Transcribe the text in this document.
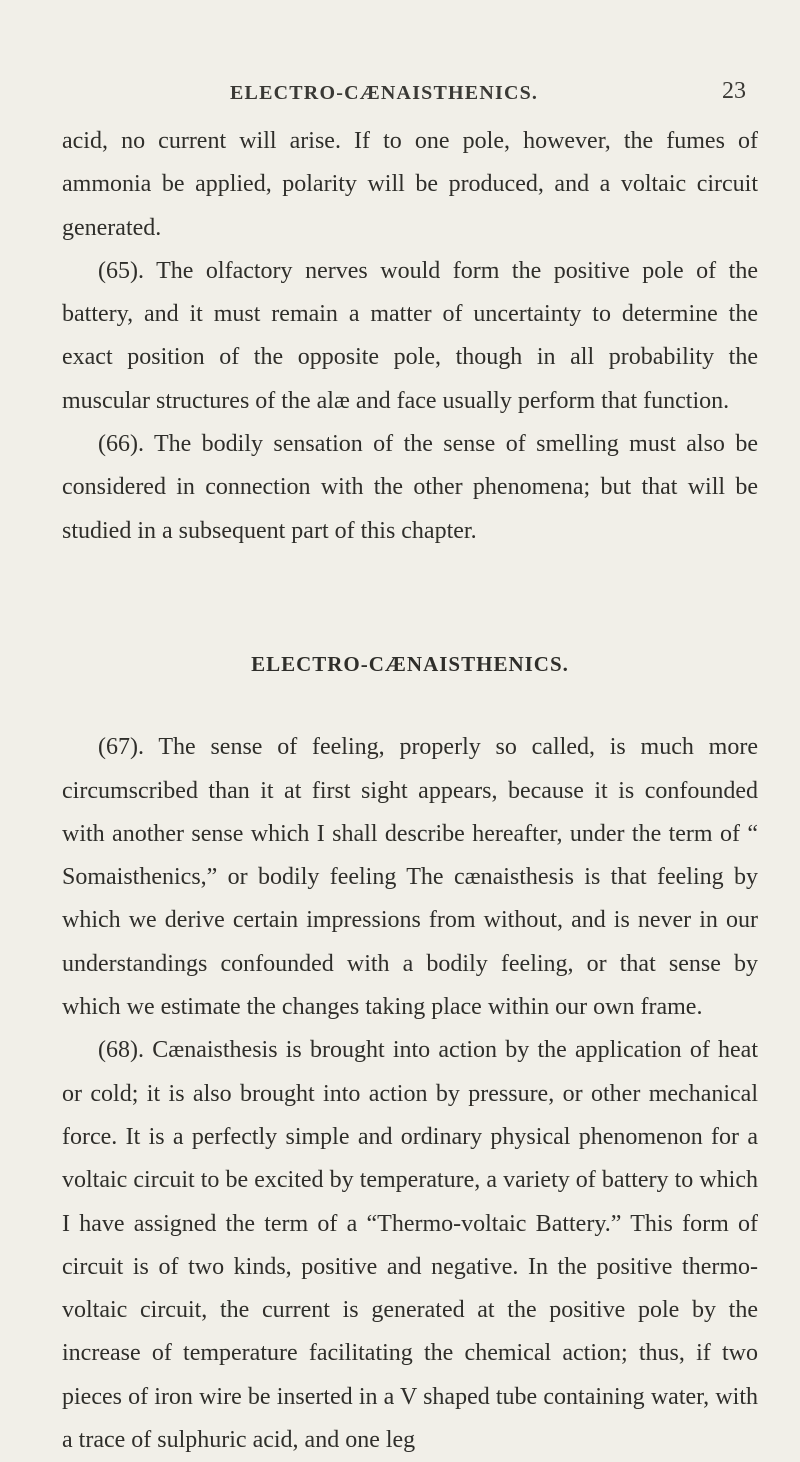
ELECTRO-CÆNAISTHENICS.	23

acid, no current will arise. If to one pole, however, the fumes of ammonia be applied, polarity will be produced, and a voltaic circuit generated.

(65). The olfactory nerves would form the positive pole of the battery, and it must remain a matter of uncertainty to determine the exact position of the opposite pole, though in all probability the muscular structures of the alæ and face usually perform that function.

(66). The bodily sensation of the sense of smelling must also be considered in connection with the other phenomena; but that will be studied in a subsequent part of this chapter.

ELECTRO-CÆNAISTHENICS.

(67). The sense of feeling, properly so called, is much more circumscribed than it at first sight appears, because it is confounded with another sense which I shall describe hereafter, under the term of “ Somaisthenics,” or bodily feeling The cænaisthesis is that feeling by which we derive certain impressions from without, and is never in our understandings confounded with a bodily feeling, or that sense by which we estimate the changes taking place within our own frame.

(68). Cænaisthesis is brought into action by the application of heat or cold; it is also brought into action by pressure, or other mechanical force. It is a perfectly simple and ordinary physical phenomenon for a voltaic circuit to be excited by temperature, a variety of battery to which I have assigned the term of a “Thermo-voltaic Battery.” This form of circuit is of two kinds, positive and negative. In the positive thermo-voltaic circuit, the current is generated at the positive pole by the increase of temperature facilitating the chemical action; thus, if two pieces of iron wire be inserted in a V shaped tube containing water, with a trace of sulphuric acid, and one leg
